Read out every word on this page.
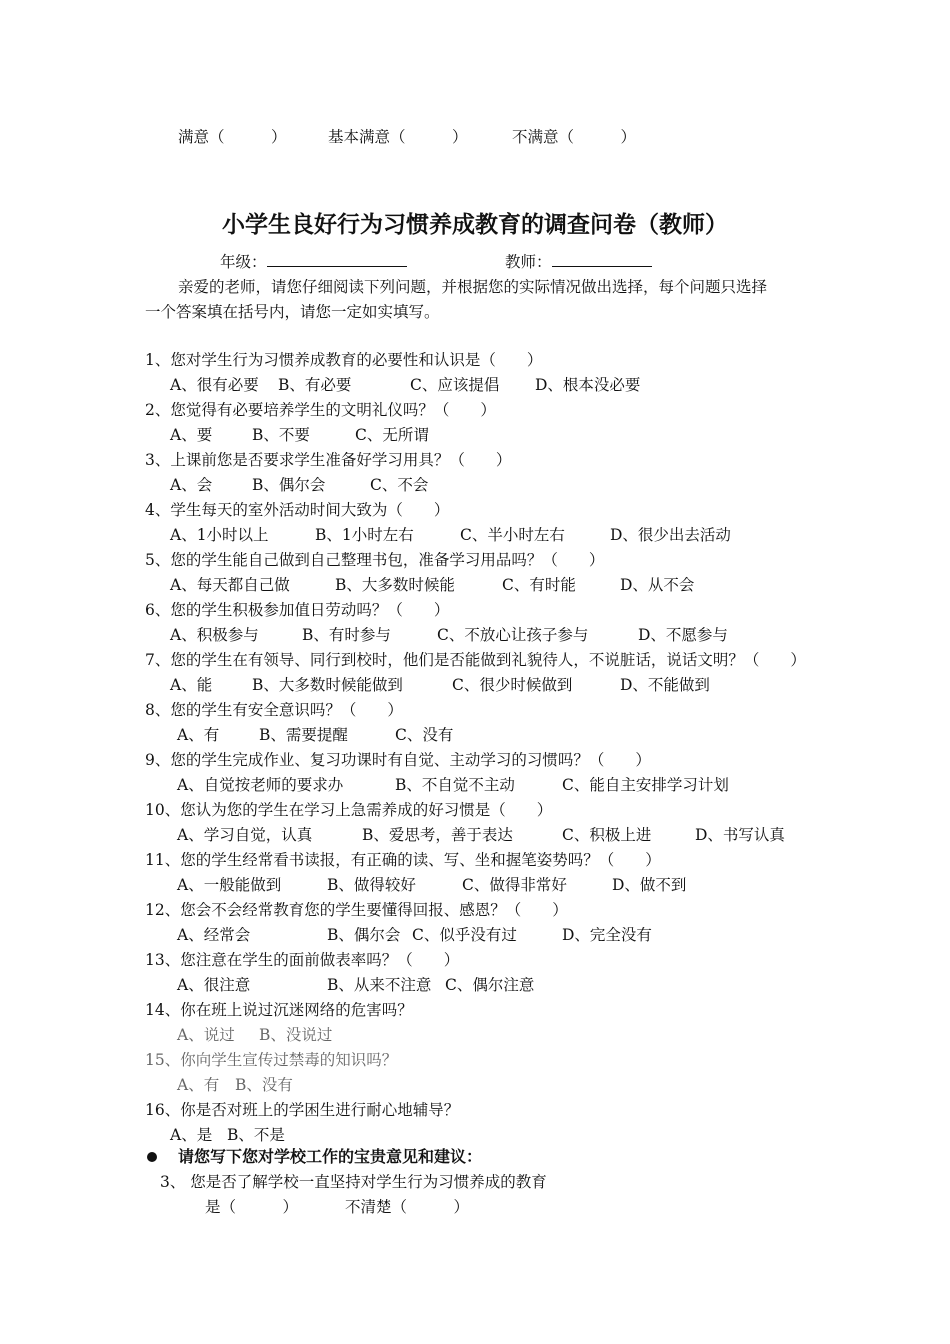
满意（　　　）	基本满意（　　　）	不满意（　　　）
小学生良好行为习惯养成教育的调查问卷（教师）
年级：	教师：
亲爱的老师，请您仔细阅读下列问题，并根据您的实际情况做出选择，每个问题只选择
一个答案填在括号内，请您一定如实填写。
1、您对学生行为习惯养成教育的必要性和认识是（　　）
A、很有必要 B、有必要	C、应该提倡 D、根本没必要
2、您觉得有必要培养学生的文明礼仪吗？（　　）
A、要	B、不要	C、无所谓
3、上课前您是否要求学生准备好学习用具？（　　）
A、会	B、偶尔会	C、不会
4、学生每天的室外活动时间大致为（　　）
A、1小时以上	B、1小时左右	C、半小时左右	D、很少出去活动
5、您的学生能自己做到自己整理书包，准备学习用品吗？（　　）
A、每天都自己做	B、大多数时候能	C、有时能	D、从不会
6、您的学生积极参加值日劳动吗？（　　）
A、积极参与	B、有时参与	C、不放心让孩子参与	D、不愿参与
7、您的学生在有领导、同行到校时，他们是否能做到礼貌待人，不说脏话，说话文明？（　　）
A、能	B、大多数时候能做到	C、很少时候做到	D、不能做到
8、您的学生有安全意识吗？（　　）
A、有	B、需要提醒	C、没有
9、您的学生完成作业、复习功课时有自觉、主动学习的习惯吗？（　　）
A、自觉按老师的要求办	B、不自觉不主动	C、能自主安排学习计划
10、您认为您的学生在学习上急需养成的好习惯是（　　）
A、学习自觉，认真	B、爱思考，善于表达	C、积极上进	D、书写认真
11、您的学生经常看书读报，有正确的读、写、坐和握笔姿势吗？（　　）
A、一般能做到	B、做得较好	C、做得非常好	D、做不到
12、您会不会经常教育您的学生要懂得回报、感恩？（　　）
A、经常会	B、偶尔会 C、似乎没有过	D、完全没有
13、您注意在学生的面前做表率吗？（　　）
A、很注意	B、从来不注意 C、偶尔注意
14、你在班上说过沉迷网络的危害吗？
A、说过 B、没说过
15、你向学生宣传过禁毒的知识吗？
A、有 B、没有
16、你是否对班上的学困生进行耐心地辅导？
A、是 B、不是
请您写下您对学校工作的宝贵意见和建议：
3、 您是否了解学校一直坚持对学生行为习惯养成的教育
是（　　　）	不清楚（　　　）
